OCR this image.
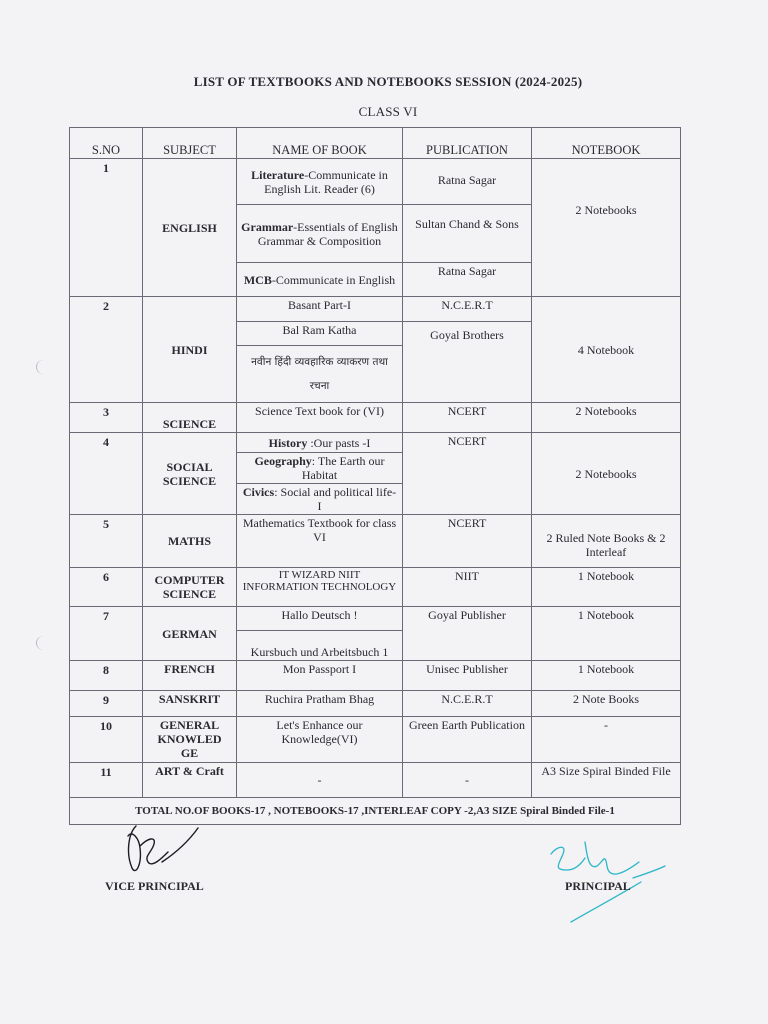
LIST OF TEXTBOOKS AND NOTEBOOKS SESSION (2024-2025)
CLASS VI
S.NO	SUBJECT	NAME OF BOOK	PUBLICATION	NOTEBOOK
1	ENGLISH	Literature-Communicate in English Lit. Reader (6)	Ratna Sagar	2 Notebooks
		Grammar-Essentials of English Grammar & Composition	Sultan Chand & Sons	
		MCB-Communicate in English	Ratna Sagar	
2	HINDI	Basant Part-I	N.C.E.R.T	4 Notebook
		Bal Ram Katha	Goyal Brothers	
		नवीन हिंदी व्यवहारिक व्याकरण तथा रचना		
3	SCIENCE	Science Text book for (VI)	NCERT	2 Notebooks
4	SOCIAL SCIENCE	History :Our pasts -I	NCERT	2 Notebooks
		Geography: The Earth our Habitat		
		Civics: Social and political life-I		
5	MATHS	Mathematics Textbook for class VI	NCERT	2 Ruled Note Books & 2 Interleaf
6	COMPUTER SCIENCE	IT WIZARD NIIT INFORMATION TECHNOLOGY	NIIT	1 Notebook
7	GERMAN	Hallo Deutsch !	Goyal Publisher	1 Notebook
		Kursbuch und Arbeitsbuch 1		
8	FRENCH	Mon Passport I	Unisec Publisher	1 Notebook
9	SANSKRIT	Ruchira Pratham Bhag	N.C.E.R.T	2 Note Books
10	GENERAL KNOWLED GE	Let's Enhance our Knowledge(VI)	Green Earth Publication	-
11	ART & Craft	-	-	A3 Size Spiral Binded File
TOTAL NO.OF BOOKS-17 , NOTEBOOKS-17 ,INTERLEAF COPY -2,A3 SIZE Spiral Binded File-1				
VICE PRINCIPAL	PRINCIPAL
